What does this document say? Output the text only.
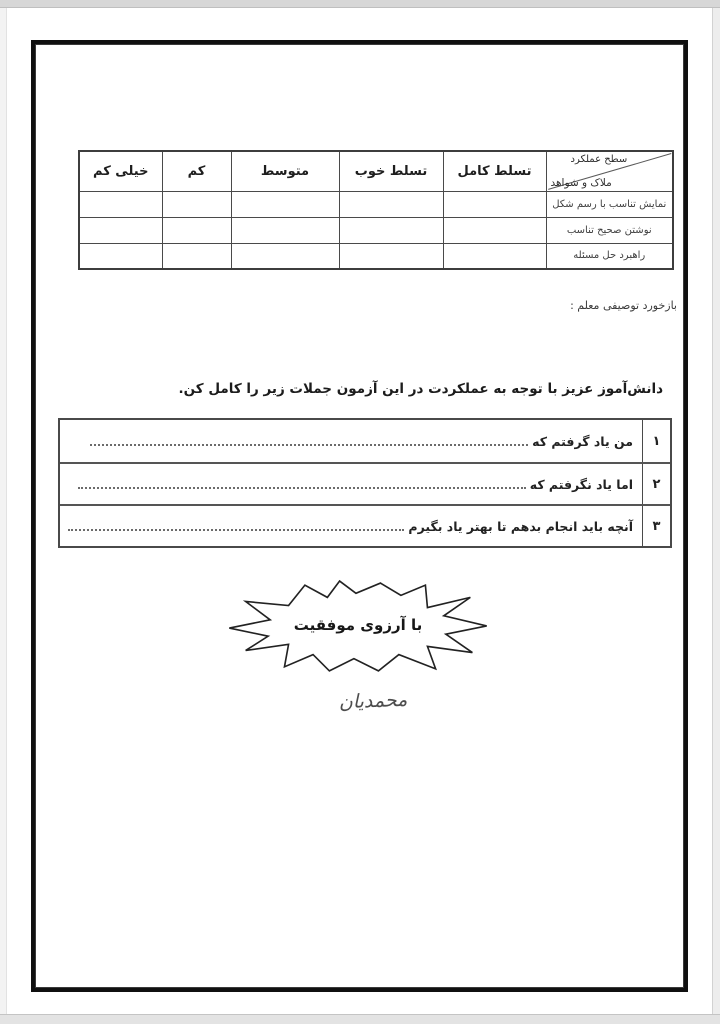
سطح عملکرد
ملاک و شواهد	تسلط کامل	تسلط خوب	متوسط	کم	خیلی کم
نمایش تناسب با رسم شکل					
نوشتن صحیح تناسب					
راهبرد حل مسئله					
بازخورد توصیفی معلم :
دانش‌آموز عزیز با توجه به عملکردت در این آزمون جملات زیر را کامل کن.
۱
من یاد گرفتم که
۲
اما یاد نگرفتم که
۳
آنچه باید انجام بدهم تا بهتر یاد بگیرم
با آرزوی موفقیت
محمدیان
